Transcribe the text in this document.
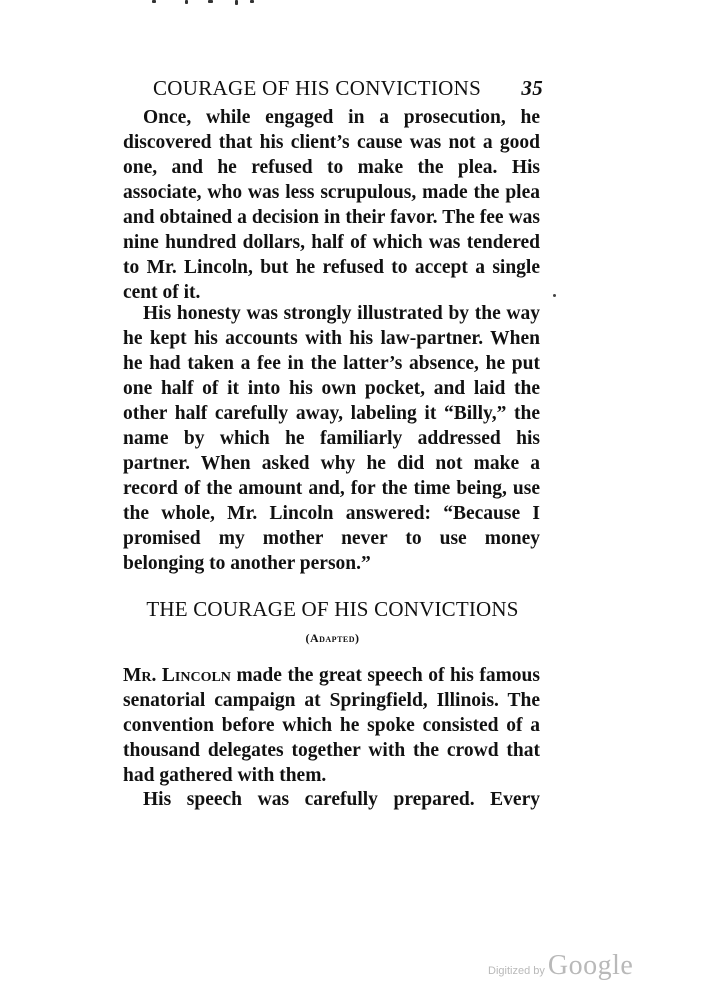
COURAGE OF HIS CONVICTIONS 35

Once, while engaged in a prosecution, he discovered that his client’s cause was not a good one, and he refused to make the plea. His associate, who was less scrupulous, made the plea and obtained a decision in their favor. The fee was nine hundred dollars, half of which was tendered to Mr. Lincoln, but he refused to accept a single cent of it.

His honesty was strongly illustrated by the way he kept his accounts with his law-partner. When he had taken a fee in the latter’s absence, he put one half of it into his own pocket, and laid the other half carefully away, labeling it “Billy,” the name by which he familiarly addressed his partner. When asked why he did not make a record of the amount and, for the time being, use the whole, Mr. Lincoln answered: “Because I promised my mother never to use money belonging to another person.”

THE COURAGE OF HIS CONVICTIONS
(Adapted)

Mr. Lincoln made the great speech of his famous senatorial campaign at Springfield, Illinois. The convention before which he spoke consisted of a thousand delegates together with the crowd that had gathered with them.

His speech was carefully prepared. Every

Digitized by Google
